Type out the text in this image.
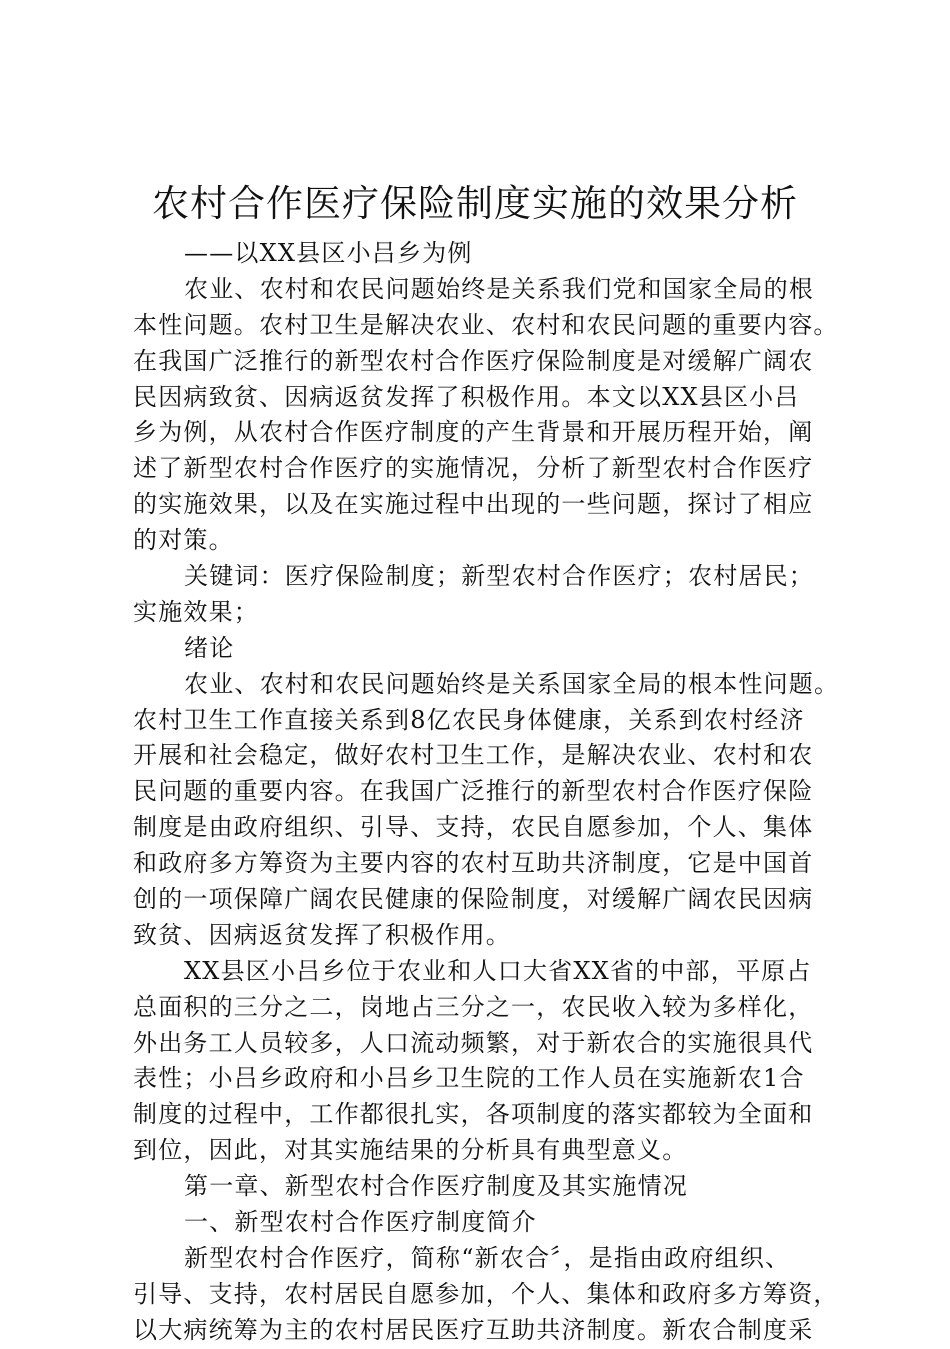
农村合作医疗保险制度实施的效果分析
——以XX县区小吕乡为例
农业、农村和农民问题始终是关系我们党和国家全局的根
本性问题。农村卫生是解决农业、农村和农民问题的重要内容。
在我国广泛推行的新型农村合作医疗保险制度是对缓解广阔农
民因病致贫、因病返贫发挥了积极作用。本文以XX县区小吕
乡为例，从农村合作医疗制度的产生背景和开展历程开始，阐
述了新型农村合作医疗的实施情况，分析了新型农村合作医疗
的实施效果，以及在实施过程中出现的一些问题，探讨了相应
的对策。
关键词：医疗保险制度；新型农村合作医疗；农村居民；
实施效果；
绪论
农业、农村和农民问题始终是关系国家全局的根本性问题。
农村卫生工作直接关系到8亿农民身体健康，关系到农村经济
开展和社会稳定，做好农村卫生工作，是解决农业、农村和农
民问题的重要内容。在我国广泛推行的新型农村合作医疗保险
制度是由政府组织、引导、支持，农民自愿参加，个人、集体
和政府多方筹资为主要内容的农村互助共济制度，它是中国首
创的一项保障广阔农民健康的保险制度，对缓解广阔农民因病
致贫、因病返贫发挥了积极作用。
XX县区小吕乡位于农业和人口大省XX省的中部，平原占
总面积的三分之二，岗地占三分之一，农民收入较为多样化，
外出务工人员较多，人口流动频繁，对于新农合的实施很具代
表性；小吕乡政府和小吕乡卫生院的工作人员在实施新农1合
制度的过程中，工作都很扎实，各项制度的落实都较为全面和
到位，因此，对其实施结果的分析具有典型意义。
第一章、新型农村合作医疗制度及其实施情况
一、新型农村合作医疗制度简介
新型农村合作医疗，简称“新农合〞，是指由政府组织、
引导、支持，农村居民自愿参加，个人、集体和政府多方筹资，
以大病统筹为主的农村居民医疗互助共济制度。新农合制度采
